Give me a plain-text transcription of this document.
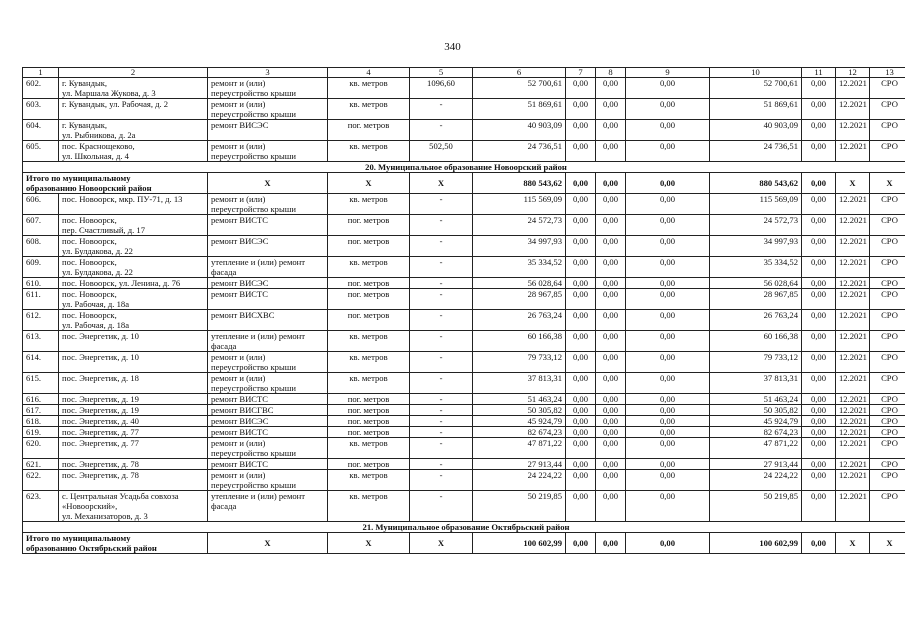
340
1	2	3	4	5	6	7	8	9	10	11	12	13
602.	г. Кувандык,
ул. Маршала Жукова, д. 3	ремонт и (или)
переустройство крыши	кв. метров	1096,60	52 700,61	0,00	0,00	0,00	52 700,61	0,00	12.2021	СРО
603.	г. Кувандык, ул. Рабочая, д. 2	ремонт и (или)
переустройство крыши	кв. метров	-	51 869,61	0,00	0,00	0,00	51 869,61	0,00	12.2021	СРО
604.	г. Кувандык,
ул. Рыбникова, д. 2а	ремонт ВИСЭС	пог. метров	-	40 903,09	0,00	0,00	0,00	40 903,09	0,00	12.2021	СРО
605.	пос. Краснощеково,
ул. Школьная, д. 4	ремонт и (или)
переустройство крыши	кв. метров	502,50	24 736,51	0,00	0,00	0,00	24 736,51	0,00	12.2021	СРО
20. Муниципальное образование Новоорский район												
Итого по муниципальному
образованию Новоорский район		X	X	X	880 543,62	0,00	0,00	0,00	880 543,62	0,00	X	X
606.	пос. Новоорск, мкр. ПУ-71, д. 13	ремонт и (или)
переустройство крыши	кв. метров	-	115 569,09	0,00	0,00	0,00	115 569,09	0,00	12.2021	СРО
607.	пос. Новоорск,
пер. Счастливый, д. 17	ремонт ВИСТС	пог. метров	-	24 572,73	0,00	0,00	0,00	24 572,73	0,00	12.2021	СРО
608.	пос. Новоорск,
ул. Булдакова, д. 22	ремонт ВИСЭС	пог. метров	-	34 997,93	0,00	0,00	0,00	34 997,93	0,00	12.2021	СРО
609.	пос. Новоорск,
ул. Булдакова, д. 22	утепление и (или) ремонт
фасада	кв. метров	-	35 334,52	0,00	0,00	0,00	35 334,52	0,00	12.2021	СРО
610.	пос. Новоорск, ул. Ленина, д. 76	ремонт ВИСЭС	пог. метров	-	56 028,64	0,00	0,00	0,00	56 028,64	0,00	12.2021	СРО
611.	пос. Новоорск,
ул. Рабочая, д. 18а	ремонт ВИСТС	пог. метров	-	28 967,85	0,00	0,00	0,00	28 967,85	0,00	12.2021	СРО
612.	пос. Новоорск,
ул. Рабочая, д. 18а	ремонт ВИСХВС	пог. метров	-	26 763,24	0,00	0,00	0,00	26 763,24	0,00	12.2021	СРО
613.	пос. Энергетик, д. 10	утепление и (или) ремонт
фасада	кв. метров	-	60 166,38	0,00	0,00	0,00	60 166,38	0,00	12.2021	СРО
614.	пос. Энергетик, д. 10	ремонт и (или)
переустройство крыши	кв. метров	-	79 733,12	0,00	0,00	0,00	79 733,12	0,00	12.2021	СРО
615.	пос. Энергетик, д. 18	ремонт и (или)
переустройство крыши	кв. метров	-	37 813,31	0,00	0,00	0,00	37 813,31	0,00	12.2021	СРО
616.	пос. Энергетик, д. 19	ремонт ВИСТС	пог. метров	-	51 463,24	0,00	0,00	0,00	51 463,24	0,00	12.2021	СРО
617.	пос. Энергетик, д. 19	ремонт ВИСГВС	пог. метров	-	50 305,82	0,00	0,00	0,00	50 305,82	0,00	12.2021	СРО
618.	пос. Энергетик, д. 40	ремонт ВИСЭС	пог. метров	-	45 924,79	0,00	0,00	0,00	45 924,79	0,00	12.2021	СРО
619.	пос. Энергетик, д. 77	ремонт ВИСТС	пог. метров	-	82 674,23	0,00	0,00	0,00	82 674,23	0,00	12.2021	СРО
620.	пос. Энергетик, д. 77	ремонт и (или)
переустройство крыши	кв. метров	-	47 871,22	0,00	0,00	0,00	47 871,22	0,00	12.2021	СРО
621.	пос. Энергетик, д. 78	ремонт ВИСТС	пог. метров	-	27 913,44	0,00	0,00	0,00	27 913,44	0,00	12.2021	СРО
622.	пос. Энергетик, д. 78	ремонт и (или)
переустройство крыши	кв. метров	-	24 224,22	0,00	0,00	0,00	24 224,22	0,00	12.2021	СРО
623.	с. Центральная Усадьба совхоза
«Новоорский»,
ул. Механизаторов, д. 3	утепление и (или) ремонт
фасада	кв. метров	-	50 219,85	0,00	0,00	0,00	50 219,85	0,00	12.2021	СРО
21. Муниципальное образование Октябрьский район												
Итого по муниципальному
образованию Октябрьский район		X	X	X	100 602,99	0,00	0,00	0,00	100 602,99	0,00	X	X
